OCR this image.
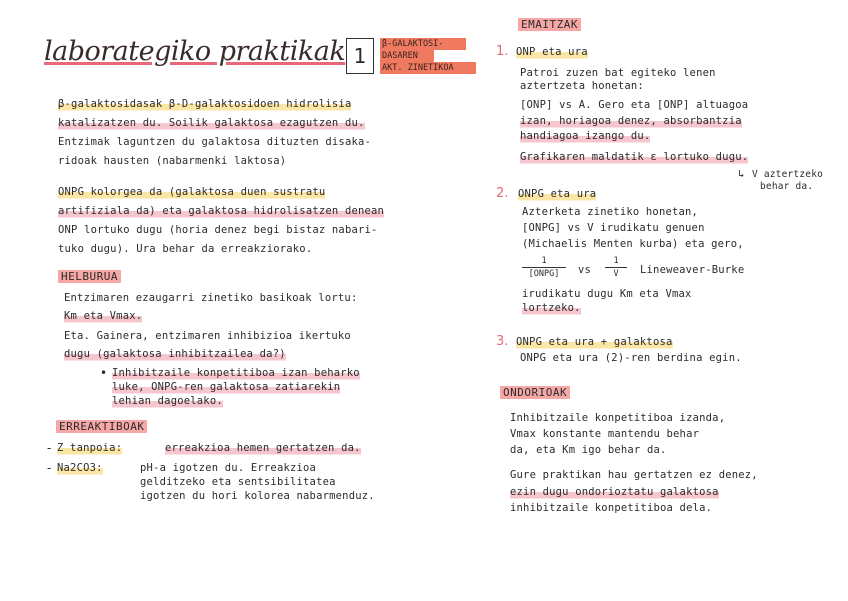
laborategiko praktikak 1	β-GALAKTOSI-
DASAREN
AKT. ZINETIKOA
β-galaktosidasak β-D-galaktosidoen hidrolisia
katalizatzen du. Soilik galaktosa ezagutzen du.
Entzimak laguntzen du galaktosa dituzten disaka-
ridoak hausten (nabarmenki laktosa)
ONPG kolorgea da (galaktosa duen sustratu
artifiziala da) eta galaktosa hidrolisatzen denean
ONP lortuko dugu (horia denez begi bistaz nabari-
tuko dugu). Ura behar da erreakziorako.
HELBURUA
Entzimaren ezaugarri zinetiko basikoak lortu:
Km eta Vmax.
Eta. Gainera, entzimaren inhibizioa ikertuko
dugu (galaktosa inhibitzailea da?)
• Inhibitzaile konpetitiboa izan beharko
luke, ONPG-ren galaktosa zatiarekin
lehian dagoelako.
ERREAKTIBOAK
- Z tanpoia:	erreakzioa hemen gertatzen da.
- Na2CO3:	pH-a igotzen du. Erreakzioa
gelditzeko eta sentsibilitatea
igotzen du hori kolorea nabarmenduz.
EMAITZAK
1. ONP eta ura
Patroi zuzen bat egiteko lenen
aztertzeta honetan:
[ONP] vs A. Gero eta [ONP] altuagoa
izan, horiagoa denez, absorbantzia
handiagoa izango du.
Grafikaren maldatik ε lortuko dugu.
↳ V aztertzeko
behar da.
2. ONPG eta ura
Azterketa zinetiko honetan,
[ONPG] vs V irudikatu genuen
(Michaelis Menten kurba) eta gero,
1
[ONPG]	vs
1
V	Lineweaver-Burke
irudikatu dugu Km eta Vmax
lortzeko.
3. ONPG eta ura + galaktosa
ONPG eta ura (2)-ren berdina egin.
ONDORIOAK
Inhibitzaile konpetitiboa izanda,
Vmax konstante mantendu behar
da, eta Km igo behar da.
Gure praktikan hau gertatzen ez denez,
ezin dugu ondorioztatu galaktosa
inhibitzaile konpetitiboa dela.
